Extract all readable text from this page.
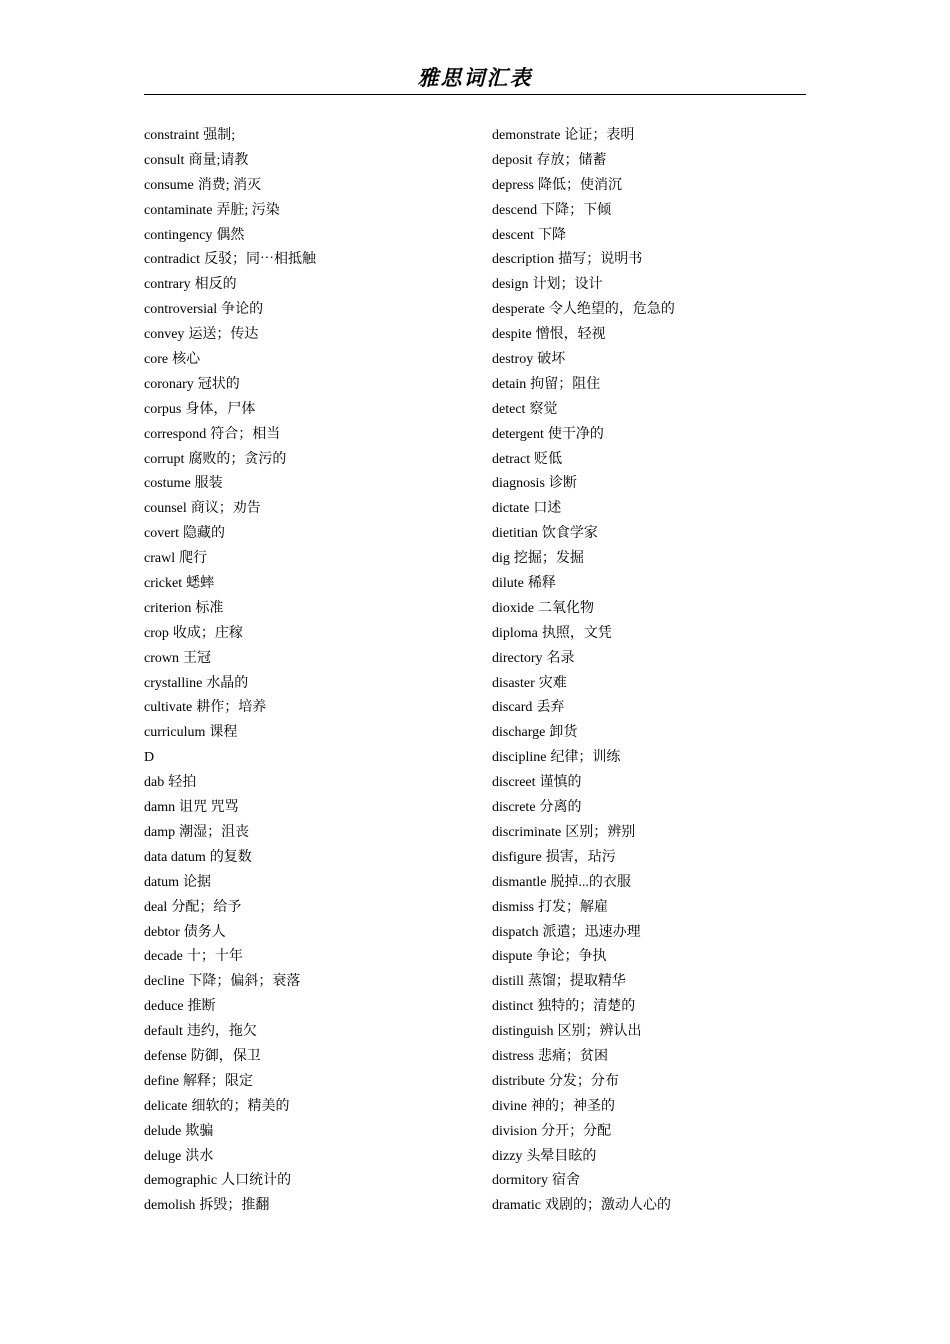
雅思词汇表
constraint 强制;
consult 商量;请教
consume 消费; 消灭
contaminate 弄脏; 污染
contingency 偶然
contradict 反驳；同⋯相抵触
contrary 相反的
controversial 争论的
convey 运送；传达
core 核心
coronary 冠状的
corpus 身体，尸体
correspond 符合；相当
corrupt 腐败的；贪污的
costume 服装
counsel 商议；劝告
covert 隐藏的
crawl 爬行
cricket 蟋蟀
criterion 标准
crop 收成；庄稼
crown 王冠
crystalline 水晶的
cultivate 耕作；培养
curriculum 课程
D
dab 轻拍
damn 诅咒 咒骂
damp 潮湿；沮丧
data datum 的复数
datum 论据
deal 分配；给予
debtor 债务人
decade 十；十年
decline 下降；偏斜；衰落
deduce 推断
default 违约，拖欠
defense 防御，保卫
define 解释；限定
delicate 细软的；精美的
delude 欺骗
deluge 洪水
demographic 人口统计的
demolish 拆毁；推翻
demonstrate 论证；表明
deposit 存放；储蓄
depress 降低；使消沉
descend 下降；下倾
descent 下降
description 描写；说明书
design 计划；设计
desperate 令人绝望的，危急的
despite 憎恨，轻视
destroy 破坏
detain 拘留；阻住
detect 察觉
detergent 使干净的
detract 贬低
diagnosis 诊断
dictate 口述
dietitian 饮食学家
dig 挖掘；发掘
dilute 稀释
dioxide 二氧化物
diploma 执照，文凭
directory 名录
disaster 灾难
discard 丢弃
discharge 卸货
discipline 纪律；训练
discreet 谨慎的
discrete 分离的
discriminate 区别；辨别
disfigure 损害，玷污
dismantle 脱掉...的衣服
dismiss 打发；解雇
dispatch 派遣；迅速办理
dispute 争论；争执
distill 蒸馏；提取精华
distinct 独特的；清楚的
distinguish 区别；辨认出
distress 悲痛；贫困
distribute 分发；分布
divine 神的；神圣的
division 分开；分配
dizzy 头晕目眩的
dormitory 宿舍
dramatic 戏剧的；激动人心的
